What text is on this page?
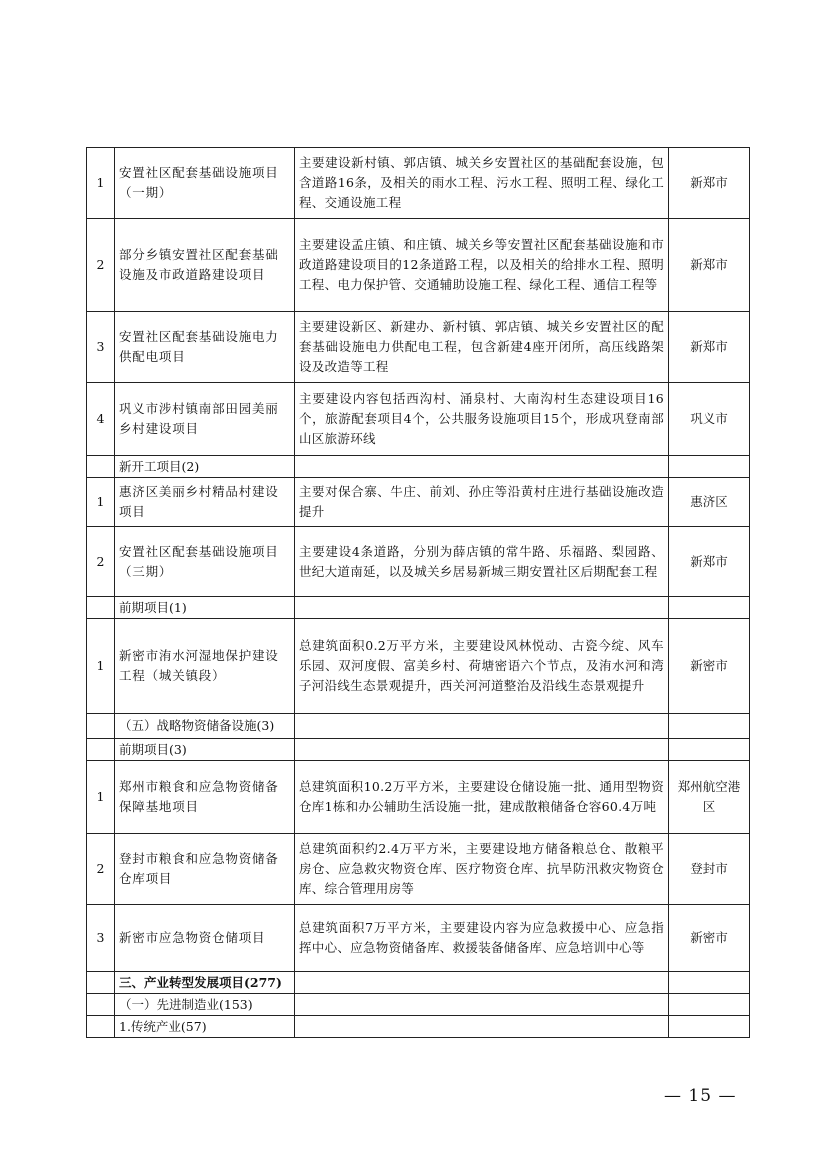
1	安置社区配套基础设施项目（一期）	主要建设新村镇、郭店镇、城关乡安置社区的基础配套设施，包含道路16条，及相关的雨水工程、污水工程、照明工程、绿化工程、交通设施工程	新郑市
2	部分乡镇安置社区配套基础设施及市政道路建设项目	主要建设孟庄镇、和庄镇、城关乡等安置社区配套基础设施和市政道路建设项目的12条道路工程，以及相关的给排水工程、照明工程、电力保护管、交通辅助设施工程、绿化工程、通信工程等	新郑市
3	安置社区配套基础设施电力供配电项目	主要建设新区、新建办、新村镇、郭店镇、城关乡安置社区的配套基础设施电力供配电工程，包含新建4座开闭所，高压线路架设及改造等工程	新郑市
4	巩义市涉村镇南部田园美丽乡村建设项目	主要建设内容包括西沟村、涌泉村、大南沟村生态建设项目16个，旅游配套项目4个，公共服务设施项目15个，形成巩登南部山区旅游环线	巩义市
	新开工项目(2)		
1	惠济区美丽乡村精品村建设项目	主要对保合寨、牛庄、前刘、孙庄等沿黄村庄进行基础设施改造提升	惠济区
2	安置社区配套基础设施项目（三期）	主要建设4条道路，分别为薛店镇的常牛路、乐福路、梨园路、世纪大道南延，以及城关乡居易新城三期安置社区后期配套工程	新郑市
	前期项目(1)		
1	新密市洧水河湿地保护建设工程（城关镇段）	总建筑面积0.2万平方米，主要建设风林悦动、古瓷今绽、风车乐园、双河度假、富美乡村、荷塘密语六个节点，及洧水河和湾子河沿线生态景观提升，西关河河道整治及沿线生态景观提升	新密市
	（五）战略物资储备设施(3)		
	前期项目(3)		
1	郑州市粮食和应急物资储备保障基地项目	总建筑面积10.2万平方米，主要建设仓储设施一批、通用型物资仓库1栋和办公辅助生活设施一批，建成散粮储备仓容60.4万吨	郑州航空港区
2	登封市粮食和应急物资储备仓库项目	总建筑面积约2.4万平方米，主要建设地方储备粮总仓、散粮平房仓、应急救灾物资仓库、医疗物资仓库、抗旱防汛救灾物资仓库、综合管理用房等	登封市
3	新密市应急物资仓储项目	总建筑面积7万平方米，主要建设内容为应急救援中心、应急指挥中心、应急物资储备库、救援装备储备库、应急培训中心等	新密市
	三、产业转型发展项目(277)		
	（一）先进制造业(153)		
	1.传统产业(57)		
— 15 —
